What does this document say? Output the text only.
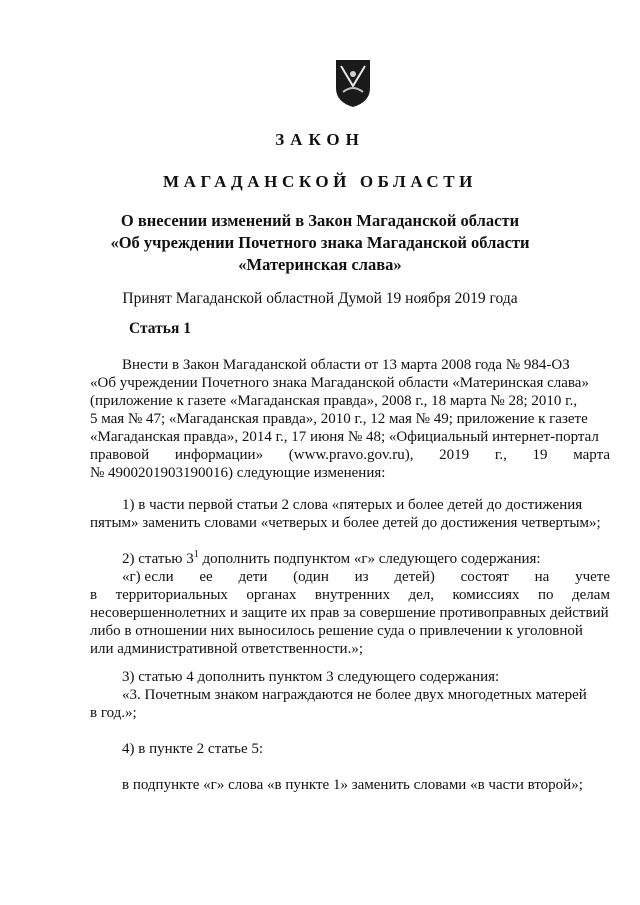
ЗАКОН
МАГАДАНСКОЙ ОБЛАСТИ
О внесении изменений в Закон Магаданской области
«Об учреждении Почетного знака Магаданской области
«Материнская слава»
Принят Магаданской областной Думой 19 ноября 2019 года
Статья 1
Внести в Закон Магаданской области от 13 марта 2008 года № 984-ОЗ
«Об учреждении Почетного знака Магаданской области «Материнская слава»
(приложение к газете «Магаданская правда», 2008 г., 18 марта № 28; 2010 г.,
5 мая № 47; «Магаданская правда», 2010 г., 12 мая № 49; приложение к газете
«Магаданская правда», 2014 г., 17 июня № 48; «Официальный интернет-портал
правовой информации» (www.pravo.gov.ru), 2019 г., 19 марта
№ 4900201903190016) следующие изменения:
1) в части первой статьи 2 слова «пятерых и более детей до достижения
пятым» заменить словами «четверых и более детей до достижения четвертым»;
2) статью $3^1$ дополнить подпунктом «г» следующего содержания:
«г) если ее дети (один из детей) состоят на учете
в территориальных органах внутренних дел, комиссиях по делам
несовершеннолетних и защите их прав за совершение противоправных действий
либо в отношении них выносилось решение суда о привлечении к уголовной
или административной ответственности.»;
3) статью 4 дополнить пунктом 3 следующего содержания:
«3. Почетным знаком награждаются не более двух многодетных матерей
в год.»;
4) в пункте 2 статье 5:
в подпункте «г» слова «в пункте 1» заменить словами «в части второй»;
